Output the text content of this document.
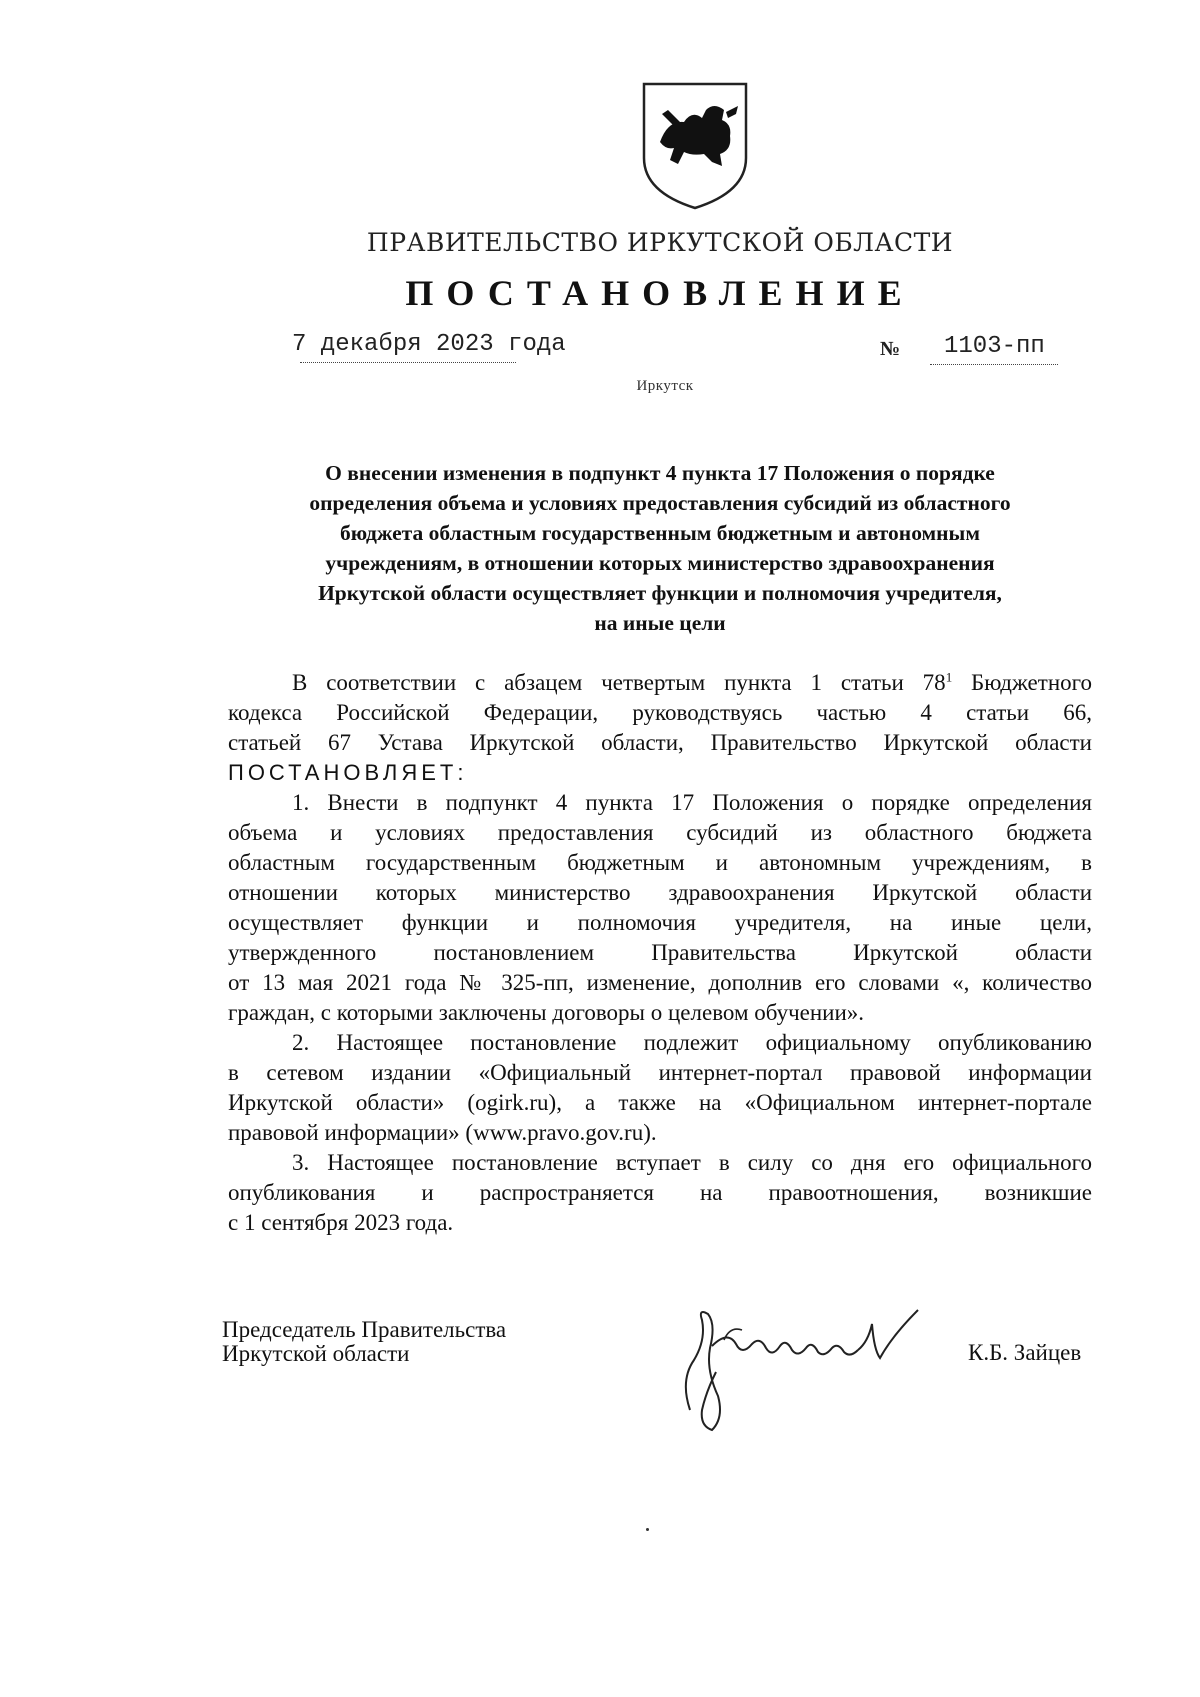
ПРАВИТЕЛЬСТВО ИРКУТСКОЙ ОБЛАСТИ
ПОСТАНОВЛЕНИЕ
7 декабря 2023 года	№ 1103-пп
Иркутск
О внесении изменения в подпункт 4 пункта 17 Положения о порядке
определения объема и условиях предоставления субсидий из областного
бюджета областным государственным бюджетным и автономным
учреждениям, в отношении которых министерство здравоохранения
Иркутской области осуществляет функции и полномочия учредителя,
на иные цели
В соответствии с абзацем четвертым пункта 1 статьи $78^1$ Бюджетного
кодекса Российской Федерации, руководствуясь частью 4 статьи 66,
статьей 67 Устава Иркутской области, Правительство Иркутской области
ПОСТАНОВЛЯЕТ:
1. Внести в подпункт 4 пункта 17 Положения о порядке определения
объема и условиях предоставления субсидий из областного бюджета
областным государственным бюджетным и автономным учреждениям, в
отношении которых министерство здравоохранения Иркутской области
осуществляет функции и полномочия учредителя, на иные цели,
утвержденного постановлением Правительства Иркутской области
от 13 мая 2021 года № 325-пп, изменение, дополнив его словами «, количество
граждан, с которыми заключены договоры о целевом обучении».
2. Настоящее постановление подлежит официальному опубликованию
в сетевом издании «Официальный интернет-портал правовой информации
Иркутской области» (ogirk.ru), а также на «Официальном интернет-портале
правовой информации» (www.pravo.gov.ru).
3. Настоящее постановление вступает в силу со дня его официального
опубликования и распространяется на правоотношения, возникшие
с 1 сентября 2023 года.
Председатель Правительства
Иркутской области	К.Б. Зайцев
